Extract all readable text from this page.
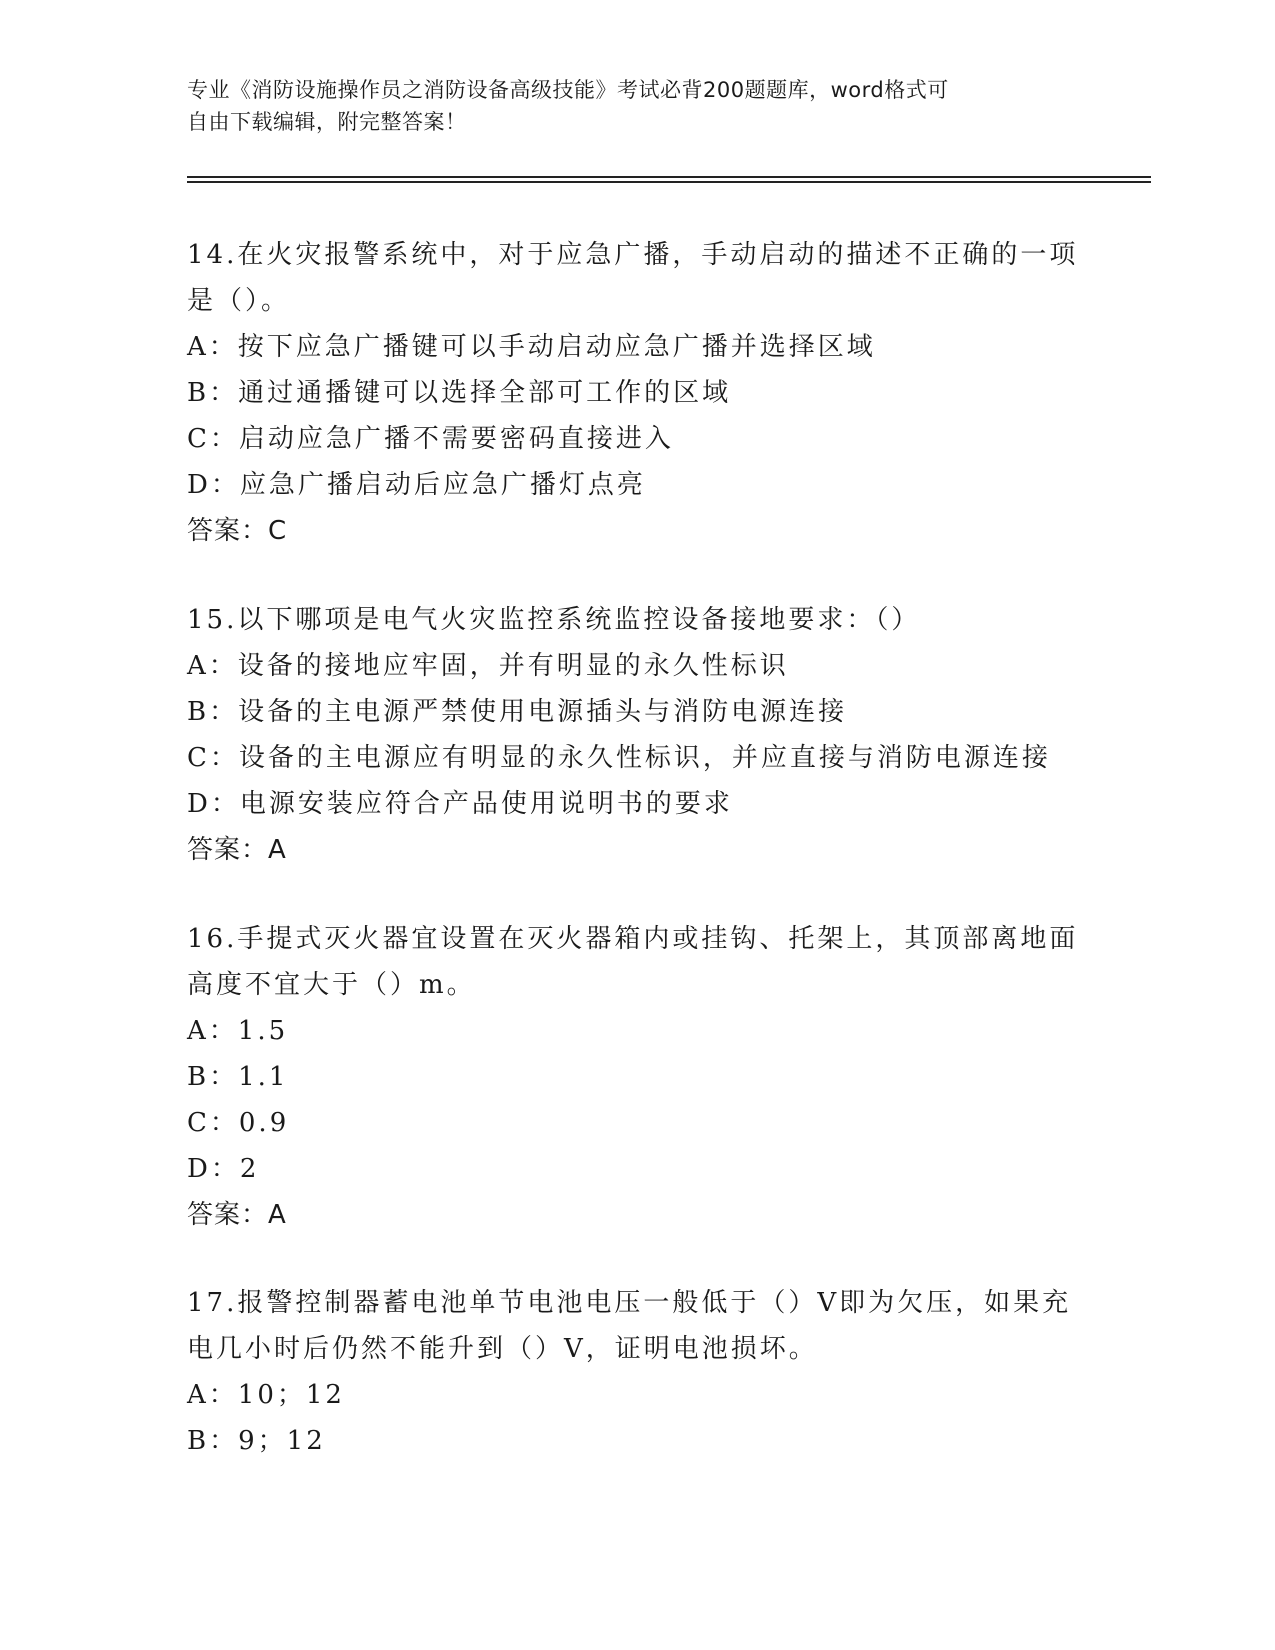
专业《消防设施操作员之消防设备高级技能》考试必背200题题库，word格式可
自由下载编辑，附完整答案！

14.在火灾报警系统中，对于应急广播，手动启动的描述不正确的一项

是（）。

A：按下应急广播键可以手动启动应急广播并选择区域

B：通过通播键可以选择全部可工作的区域

C：启动应急广播不需要密码直接进入

D：应急广播启动后应急广播灯点亮

答案：C

15.以下哪项是电气火灾监控系统监控设备接地要求：（）

A：设备的接地应牢固，并有明显的永久性标识

B：设备的主电源严禁使用电源插头与消防电源连接

C：设备的主电源应有明显的永久性标识，并应直接与消防电源连接

D：电源安装应符合产品使用说明书的要求

答案：A

16.手提式灭火器宜设置在灭火器箱内或挂钩、托架上，其顶部离地面

高度不宜大于（）m。

A：1.5

B：1.1

C：0.9

D：2

答案：A

17.报警控制器蓄电池单节电池电压一般低于（）V即为欠压，如果充

电几小时后仍然不能升到（）V，证明电池损坏。

A：10；12

B：9；12
